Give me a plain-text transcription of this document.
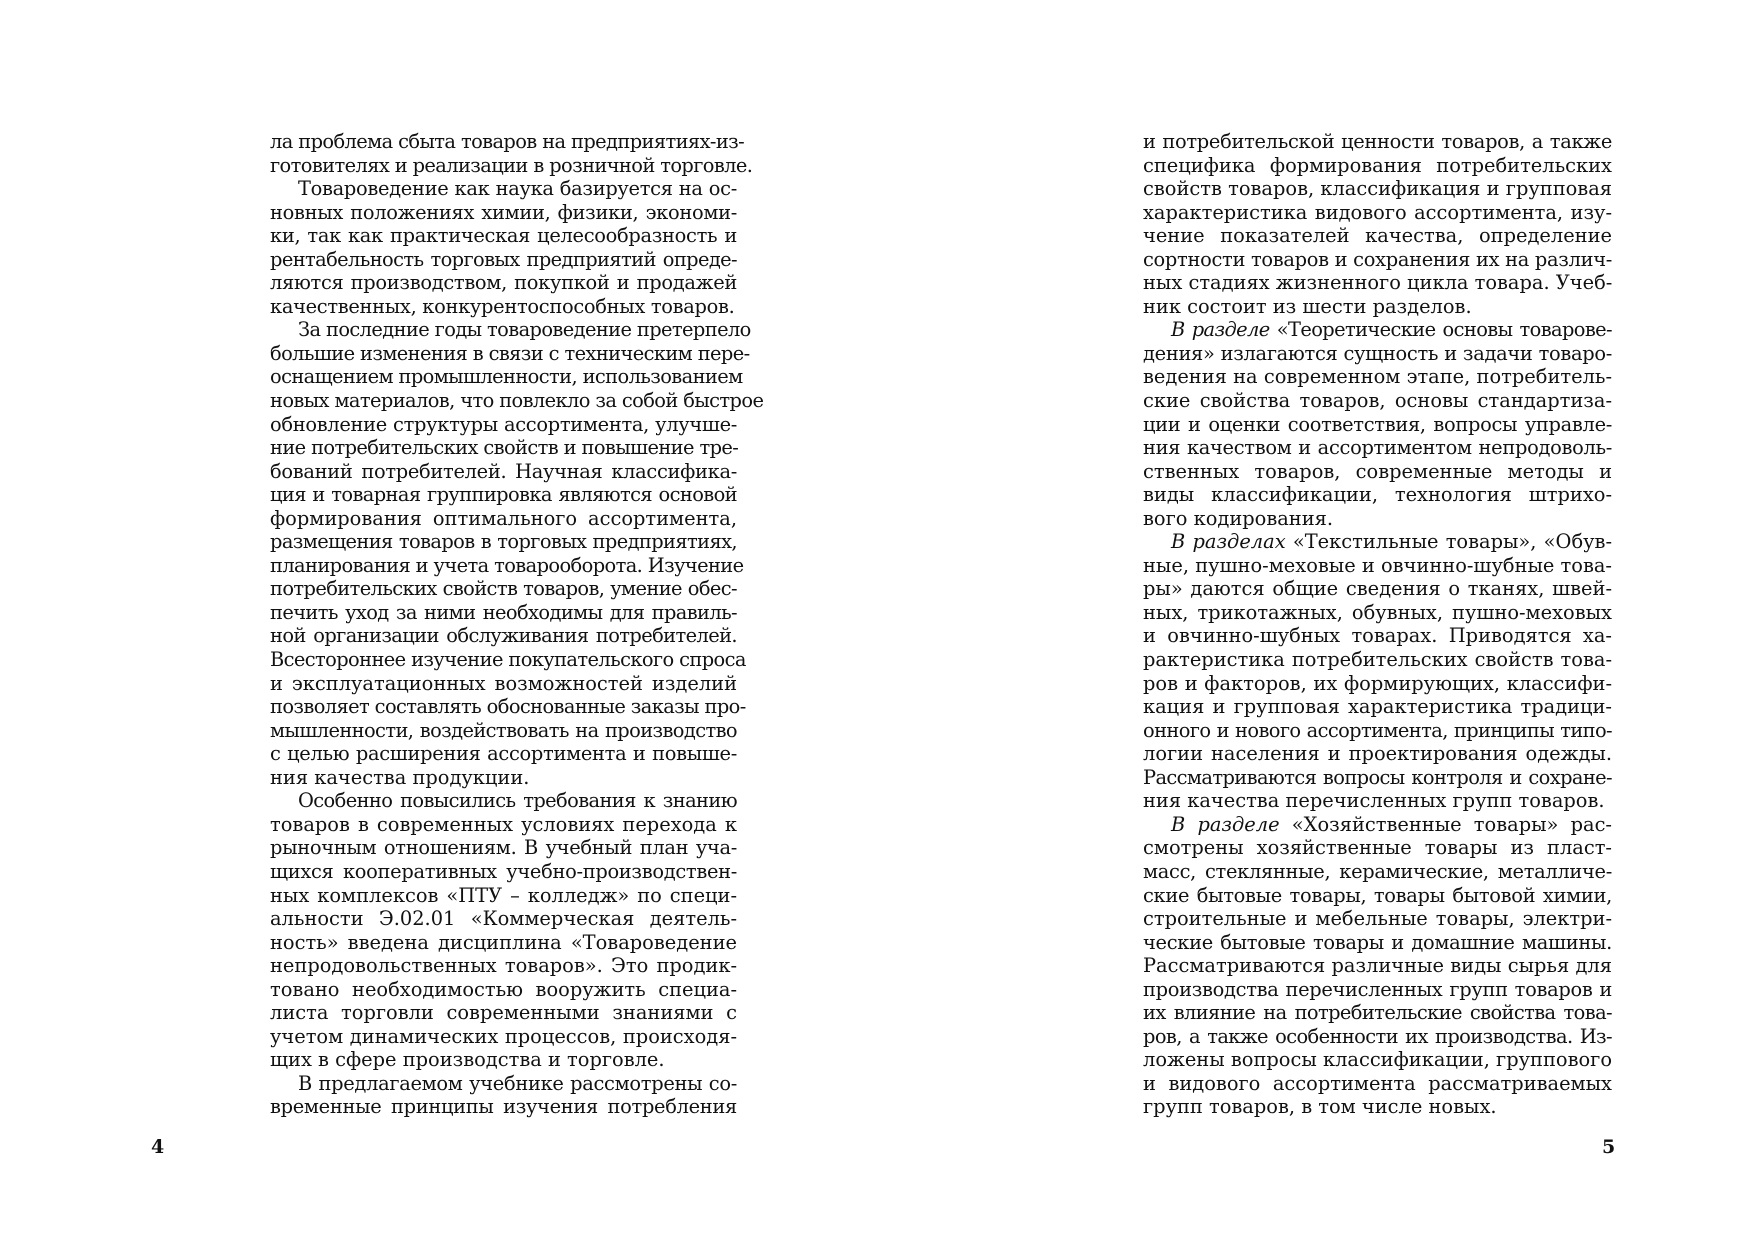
ла проблема сбыта товаров на предприятиях-из-
готовителях и реализации в розничной торговле.
Товароведение как наука базируется на ос-
новных положениях химии, физики, экономи-
ки, так как практическая целесообразность и
рентабельность торговых предприятий опреде-
ляются производством, покупкой и продажей
качественных, конкурентоспособных товаров.
За последние годы товароведение претерпело
большие изменения в связи с техническим пере-
оснащением промышленности, использованием
новых материалов, что повлекло за собой быстрое
обновление структуры ассортимента, улучше-
ние потребительских свойств и повышение тре-
бований потребителей. Научная классифика-
ция и товарная группировка являются основой
формирования оптимального ассортимента,
размещения товаров в торговых предприятиях,
планирования и учета товарооборота. Изучение
потребительских свойств товаров, умение обес-
печить уход за ними необходимы для правиль-
ной организации обслуживания потребителей.
Всестороннее изучение покупательского спроса
и эксплуатационных возможностей изделий
позволяет составлять обоснованные заказы про-
мышленности, воздействовать на производство
с целью расширения ассортимента и повыше-
ния качества продукции.
Особенно повысились требования к знанию
товаров в современных условиях перехода к
рыночным отношениям. В учебный план уча-
щихся кооперативных учебно-производствен-
ных комплексов «ПТУ – колледж» по специ-
альности Э.02.01 «Коммерческая деятель-
ность» введена дисциплина «Товароведение
непродовольственных товаров». Это продик-
товано необходимостью вооружить специа-
листа торговли современными знаниями с
учетом динамических процессов, происходя-
щих в сфере производства и торговле.
В предлагаемом учебнике рассмотрены со-
временные принципы изучения потребления
4
и потребительской ценности товаров, а также
специфика формирования потребительских
свойств товаров, классификация и групповая
характеристика видового ассортимента, изу-
чение показателей качества, определение
сортности товаров и сохранения их на различ-
ных стадиях жизненного цикла товара. Учеб-
ник состоит из шести разделов.
В разделе «Теоретические основы товарове-
дения» излагаются сущность и задачи товаро-
ведения на современном этапе, потребитель-
ские свойства товаров, основы стандартиза-
ции и оценки соответствия, вопросы управле-
ния качеством и ассортиментом непродоволь-
ственных товаров, современные методы и
виды классификации, технология штрихо-
вого кодирования.
В разделах «Текстильные товары», «Обув-
ные, пушно-меховые и овчинно-шубные това-
ры» даются общие сведения о тканях, швей-
ных, трикотажных, обувных, пушно-меховых
и овчинно-шубных товарах. Приводятся ха-
рактеристика потребительских свойств това-
ров и факторов, их формирующих, классифи-
кация и групповая характеристика традици-
онного и нового ассортимента, принципы типо-
логии населения и проектирования одежды.
Рассматриваются вопросы контроля и сохране-
ния качества перечисленных групп товаров.
В разделе «Хозяйственные товары» рас-
смотрены хозяйственные товары из пласт-
масс, стеклянные, керамические, металличе-
ские бытовые товары, товары бытовой химии,
строительные и мебельные товары, электри-
ческие бытовые товары и домашние машины.
Рассматриваются различные виды сырья для
производства перечисленных групп товаров и
их влияние на потребительские свойства това-
ров, а также особенности их производства. Из-
ложены вопросы классификации, группового
и видового ассортимента рассматриваемых
групп товаров, в том числе новых.
5
